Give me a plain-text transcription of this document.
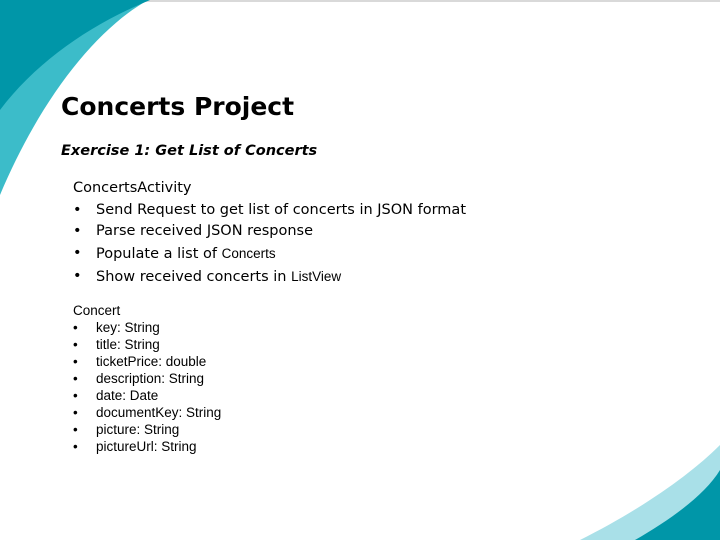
Concerts Project
Exercise 1: Get List of Concerts
ConcertsActivity
• Send Request to get list of concerts in JSON format
• Parse received JSON response
• Populate a list of Concerts
• Show received concerts in ListView
Concert
• key: String
• title: String
• ticketPrice: double
• description: String
• date: Date
• documentKey: String
• picture: String
• pictureUrl: String
